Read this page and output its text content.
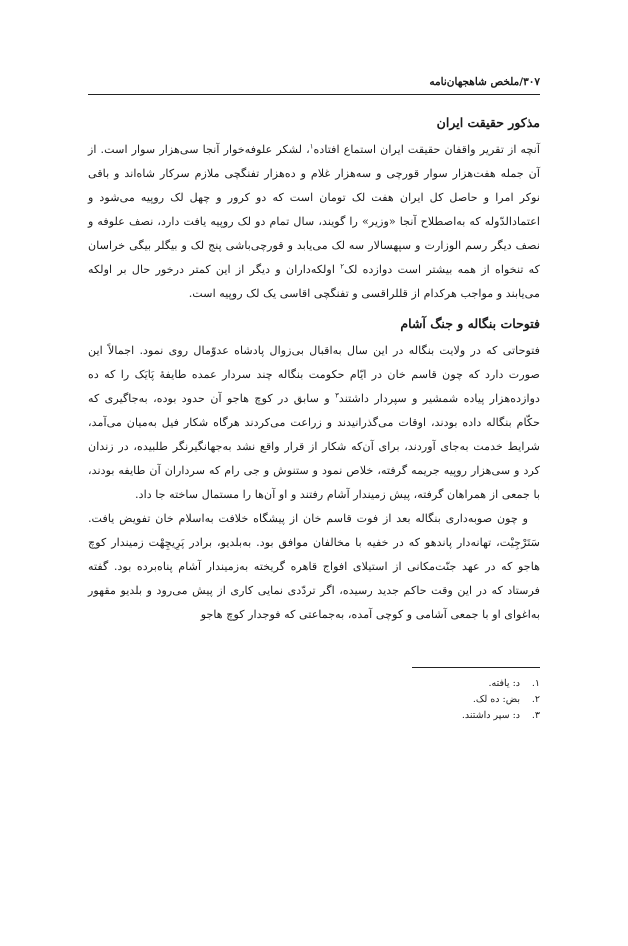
۳۰۷/ملخص شاهجهان‌نامه
مذکور حقیقت ایران

آنچه از تقریر واقفان حقیقت ایران استماع افتاده$^۱$، لشکر علوفه‌خوار آنجا سی‌هزار سوار است. از آن جمله هفت‌هزار سوار قورچی و سه‌هزار غلام و ده‌هزار تفنگچی ملازم سرکار شاه‌اند و باقی نوکر امرا و حاصل کل ایران هفت لک تومان است که دو کرور و چهل لک روپیه می‌شود و اعتمادالدّوله که به‌اصطلاح آنجا «وزیر» را گویند، سال تمام دو لک روپیه یافت دارد، نصف علوفه و نصف دیگر رسم الوزارت و سپهسالار سه لک می‌یابد و قورچی‌باشی پنج لک و بیگلر بیگی خراسان که تنخواه از همه بیشتر است دوازده لک$^۲$ اولکه‌داران و دیگر از این کمتر درخور حال بر اولکه می‌یابند و مواجب هرکدام از قللراقسی و تفنگچی اقاسی یک لک روپیه است.

فتوحات بنگاله و جنگ آشام

فتوحاتی که در ولایت بنگاله در این سال به‌اقبال بی‌زوال پادشاه عدوّمال روی نمود. اجمالاً این صورت دارد که چون قاسم خان در ایّام حکومت بنگاله چند سردار عمده طایفهٔ پَایَک را که ده دوازده‌هزار پیاده شمشیر و سپردار داشتند$^۳$ و سابق در کوچ هاجو آن حدود بوده، به‌جاگیری که حکّام بنگاله داده بودند، اوقات می‌گذرانیدند و زراعت می‌کردند هرگاه شکار فیل به‌میان می‌آمد، شرایط خدمت به‌جای آوردند، برای آن‌که شکار از قرار واقع نشد به‌جهانگیرنگر طلبیده، در زندان کرد و سی‌هزار روپیه جریمه گرفته، خلاص نمود و ستنوش و جی رام که سرداران آن طایفه بودند، با جمعی از همراهان گرفته، پیش زمیندار آشام رفتند و او آن‌ها را مستمال ساخته جا داد.

و چون صوبه‌داری بنگاله بعد از فوت قاسم خان از پیشگاه خلافت به‌اسلام خان تفویض یافت. سَتَرْجِیْت، تهانه‌دار پاندهو که در خفیه با مخالفان موافق بود. به‌بلدیو، برادر پَرِیچِهْت زمیندار کوچ هاجو که در عهد جنّت‌مکانی از استیلای افواج قاهره گریخته به‌زمیندار آشام پناه‌برده بود. گفته فرستاد که در این وقت حاکم جدید رسیده، اگر تردّدی نمایی کاری از پیش می‌رود و بلدیو مقهور به‌اغوای او با جمعی آشامی و کوچی آمده، به‌جماعتی که فوجدار کوچ هاجو

۱.
د: یافته.
۲.
بض: ده لک.
۳.
د: سپر داشتند.
